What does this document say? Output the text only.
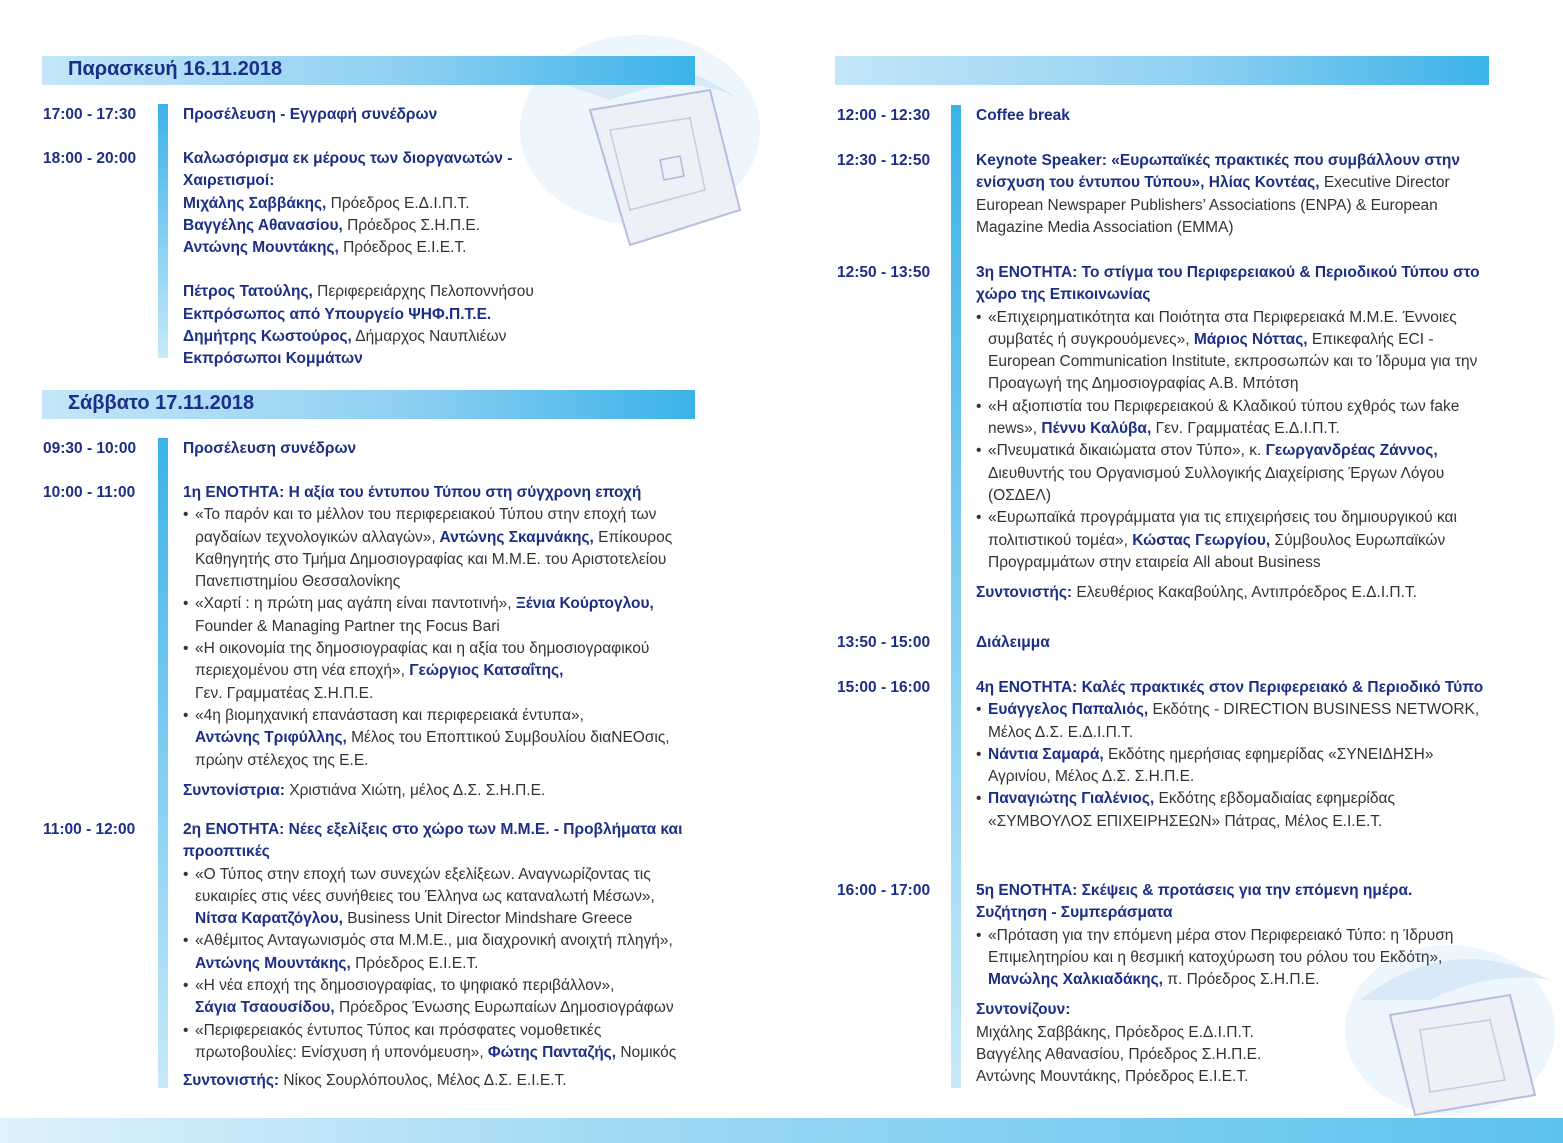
Παρασκευή 16.11.2018
17:00 - 17:30	Προσέλευση - Εγγραφή συνέδρων
18:00 - 20:00	Καλωσόρισμα εκ μέρους των διοργανωτών - Χαιρετισμοί:
Μιχάλης Σαββάκης, Πρόεδρος Ε.Δ.Ι.Π.Τ.
Βαγγέλης Αθανασίου, Πρόεδρος Σ.Η.Π.Ε.
Αντώνης Μουντάκης, Πρόεδρος Ε.Ι.Ε.Τ.
Πέτρος Τατούλης, Περιφερειάρχης Πελοποννήσου
Εκπρόσωπος από Υπουργείο ΨΗΦ.Π.Τ.Ε.
Δημήτρης Κωστούρος, Δήμαρχος Ναυπλιέων
Εκπρόσωποι Κομμάτων
Σάββατο 17.11.2018
09:30 - 10:00	Προσέλευση συνέδρων
10:00 - 11:00	1η ΕΝΟΤΗΤΑ: Η αξία του έντυπου Τύπου στη σύγχρονη εποχή
• «Το παρόν και το μέλλον του περιφερειακού Τύπου στην εποχή των ραγδαίων τεχνολογικών αλλαγών», Αντώνης Σκαμνάκης, Επίκουρος Καθηγητής στο Τμήμα Δημοσιογραφίας και Μ.Μ.Ε. του Αριστοτελείου Πανεπιστημίου Θεσσαλονίκης
• «Χαρτί : η πρώτη μας αγάπη είναι παντοτινή», Ξένια Κούρτογλου, Founder & Managing Partner της Focus Bari
• «Η οικονομία της δημοσιογραφίας και η αξία του δημοσιογραφικού περιεχομένου στη νέα εποχή», Γεώργιος Κατσαΐτης,
Γεν. Γραμματέας Σ.Η.Π.Ε.
• «4η βιομηχανική επανάσταση και περιφερειακά έντυπα»,
Αντώνης Τριφύλλης, Μέλος του Εποπτικού Συμβουλίου διαΝΕΟσις, πρώην στέλεχος της Ε.Ε.
Συντονίστρια: Χριστιάνα Χιώτη, μέλος Δ.Σ. Σ.Η.Π.Ε.
11:00 - 12:00	2η ΕΝΟΤΗΤΑ: Νέες εξελίξεις στο χώρο των Μ.Μ.Ε. - Προβλήματα και προοπτικές
• «Ο Τύπος στην εποχή των συνεχών εξελίξεων. Αναγνωρίζοντας τις ευκαιρίες στις νέες συνήθειες του Έλληνα ως καταναλωτή Μέσων»,
Νίτσα Καρατζόγλου, Business Unit Director Mindshare Greece
• «Αθέμιτος Ανταγωνισμός στα Μ.Μ.Ε., μια διαχρονική ανοιχτή πληγή»,
Αντώνης Μουντάκης, Πρόεδρος Ε.Ι.Ε.Τ.
• «Η νέα εποχή της δημοσιογραφίας, το ψηφιακό περιβάλλον»,
Σάγια Τσαουσίδου, Πρόεδρος Ένωσης Ευρωπαίων Δημοσιογράφων
• «Περιφερειακός έντυπος Τύπος και πρόσφατες νομοθετικές πρωτοβουλίες: Ενίσχυση ή υπονόμευση», Φώτης Πανταζής, Νομικός
Συντονιστής: Νίκος Σουρλόπουλος, Μέλος Δ.Σ. Ε.Ι.Ε.Τ.
12:00 - 12:30	Coffee break
12:30 - 12:50	Keynote Speaker: «Ευρωπαϊκές πρακτικές που συμβάλλουν στην ενίσχυση του έντυπου Τύπου», Ηλίας Κοντέας, Executive Director European Newspaper Publishers’ Associations (ENPA) & European Magazine Media Association (EMMA)
12:50 - 13:50	3η ΕΝΟΤΗΤΑ: Το στίγμα του Περιφερειακού & Περιοδικού Τύπου στο χώρο της Επικοινωνίας
• «Επιχειρηματικότητα και Ποιότητα στα Περιφερειακά Μ.Μ.Ε. Έννοιες συμβατές ή συγκρουόμενες», Μάριος Νόττας, Επικεφαλής ECI - European Communication Institute, εκπροσωπών και το Ίδρυμα για την Προαγωγή της Δημοσιογραφίας Α.Β. Μπότση
• «Η αξιοπιστία του Περιφερειακού & Κλαδικού τύπου εχθρός των fake news», Πέννυ Καλύβα, Γεν. Γραμματέας Ε.Δ.Ι.Π.Τ.
• «Πνευματικά δικαιώματα στον Τύπο», κ. Γεωργανδρέας Ζάννος, Διευθυντής του Οργανισμού Συλλογικής Διαχείρισης Έργων Λόγου (ΟΣΔΕΛ)
• «Ευρωπαϊκά προγράμματα για τις επιχειρήσεις του δημιουργικού και πολιτιστικού τομέα», Κώστας Γεωργίου, Σύμβουλος Ευρωπαϊκών Προγραμμάτων στην εταιρεία All about Business
Συντονιστής: Ελευθέριος Κακαβούλης, Αντιπρόεδρος Ε.Δ.Ι.Π.Τ.
13:50 - 15:00	Διάλειμμα
15:00 - 16:00	4η ΕΝΟΤΗΤΑ: Καλές πρακτικές στον Περιφερειακό & Περιοδικό Τύπο
• Ευάγγελος Παπαλιός, Εκδότης - DIRECTION BUSINESS NETWORK, Μέλος Δ.Σ. Ε.Δ.Ι.Π.Τ.
• Νάντια Σαμαρά, Εκδότης ημερήσιας εφημερίδας «ΣΥΝΕΙΔΗΣΗ» Αγρινίου, Μέλος Δ.Σ. Σ.Η.Π.Ε.
• Παναγιώτης Γιαλένιος, Εκδότης εβδομαδιαίας εφημερίδας «ΣΥΜΒΟΥΛΟΣ ΕΠΙΧΕΙΡΗΣΕΩΝ» Πάτρας, Μέλος Ε.Ι.Ε.Τ.
16:00 - 17:00	5η ΕΝΟΤΗΤΑ: Σκέψεις & προτάσεις για την επόμενη ημέρα. Συζήτηση - Συμπεράσματα
• «Πρόταση για την επόμενη μέρα στον Περιφερειακό Τύπο: η Ίδρυση Επιμελητηρίου και η θεσμική κατοχύρωση του ρόλου του Εκδότη»,
Μανώλης Χαλκιαδάκης, π. Πρόεδρος Σ.Η.Π.Ε.
Συντονίζουν:
Μιχάλης Σαββάκης, Πρόεδρος Ε.Δ.Ι.Π.Τ.
Βαγγέλης Αθανασίου, Πρόεδρος Σ.Η.Π.Ε.
Αντώνης Μουντάκης, Πρόεδρος Ε.Ι.Ε.Τ.
